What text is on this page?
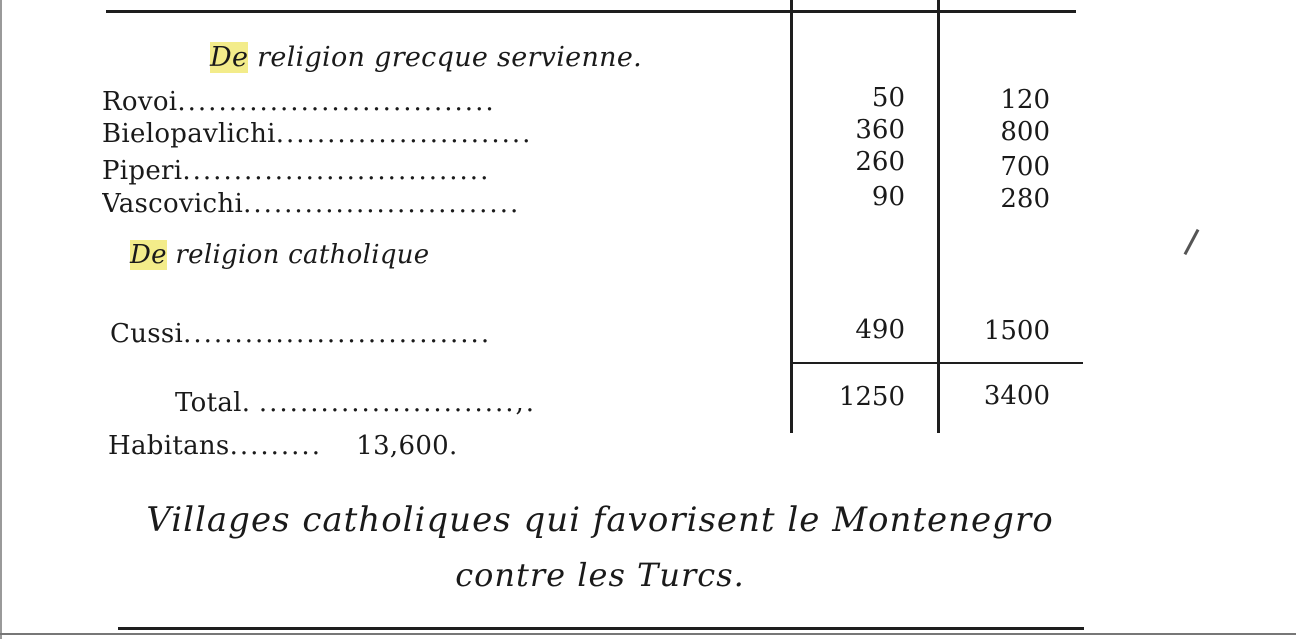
De religion grecque servienne.
Rovoi...............................	50	120
Bielopavlichi.........................	360	800
Piperi..............................	260	700
Vascovichi...........................	90	280
De religion catholique
Cussi..............................	490	1500
Total. .........................,.	1250	3400
Habitans......... 13,600.
Villages catholiques qui favorisent le Montenegro
contre les Turcs.
